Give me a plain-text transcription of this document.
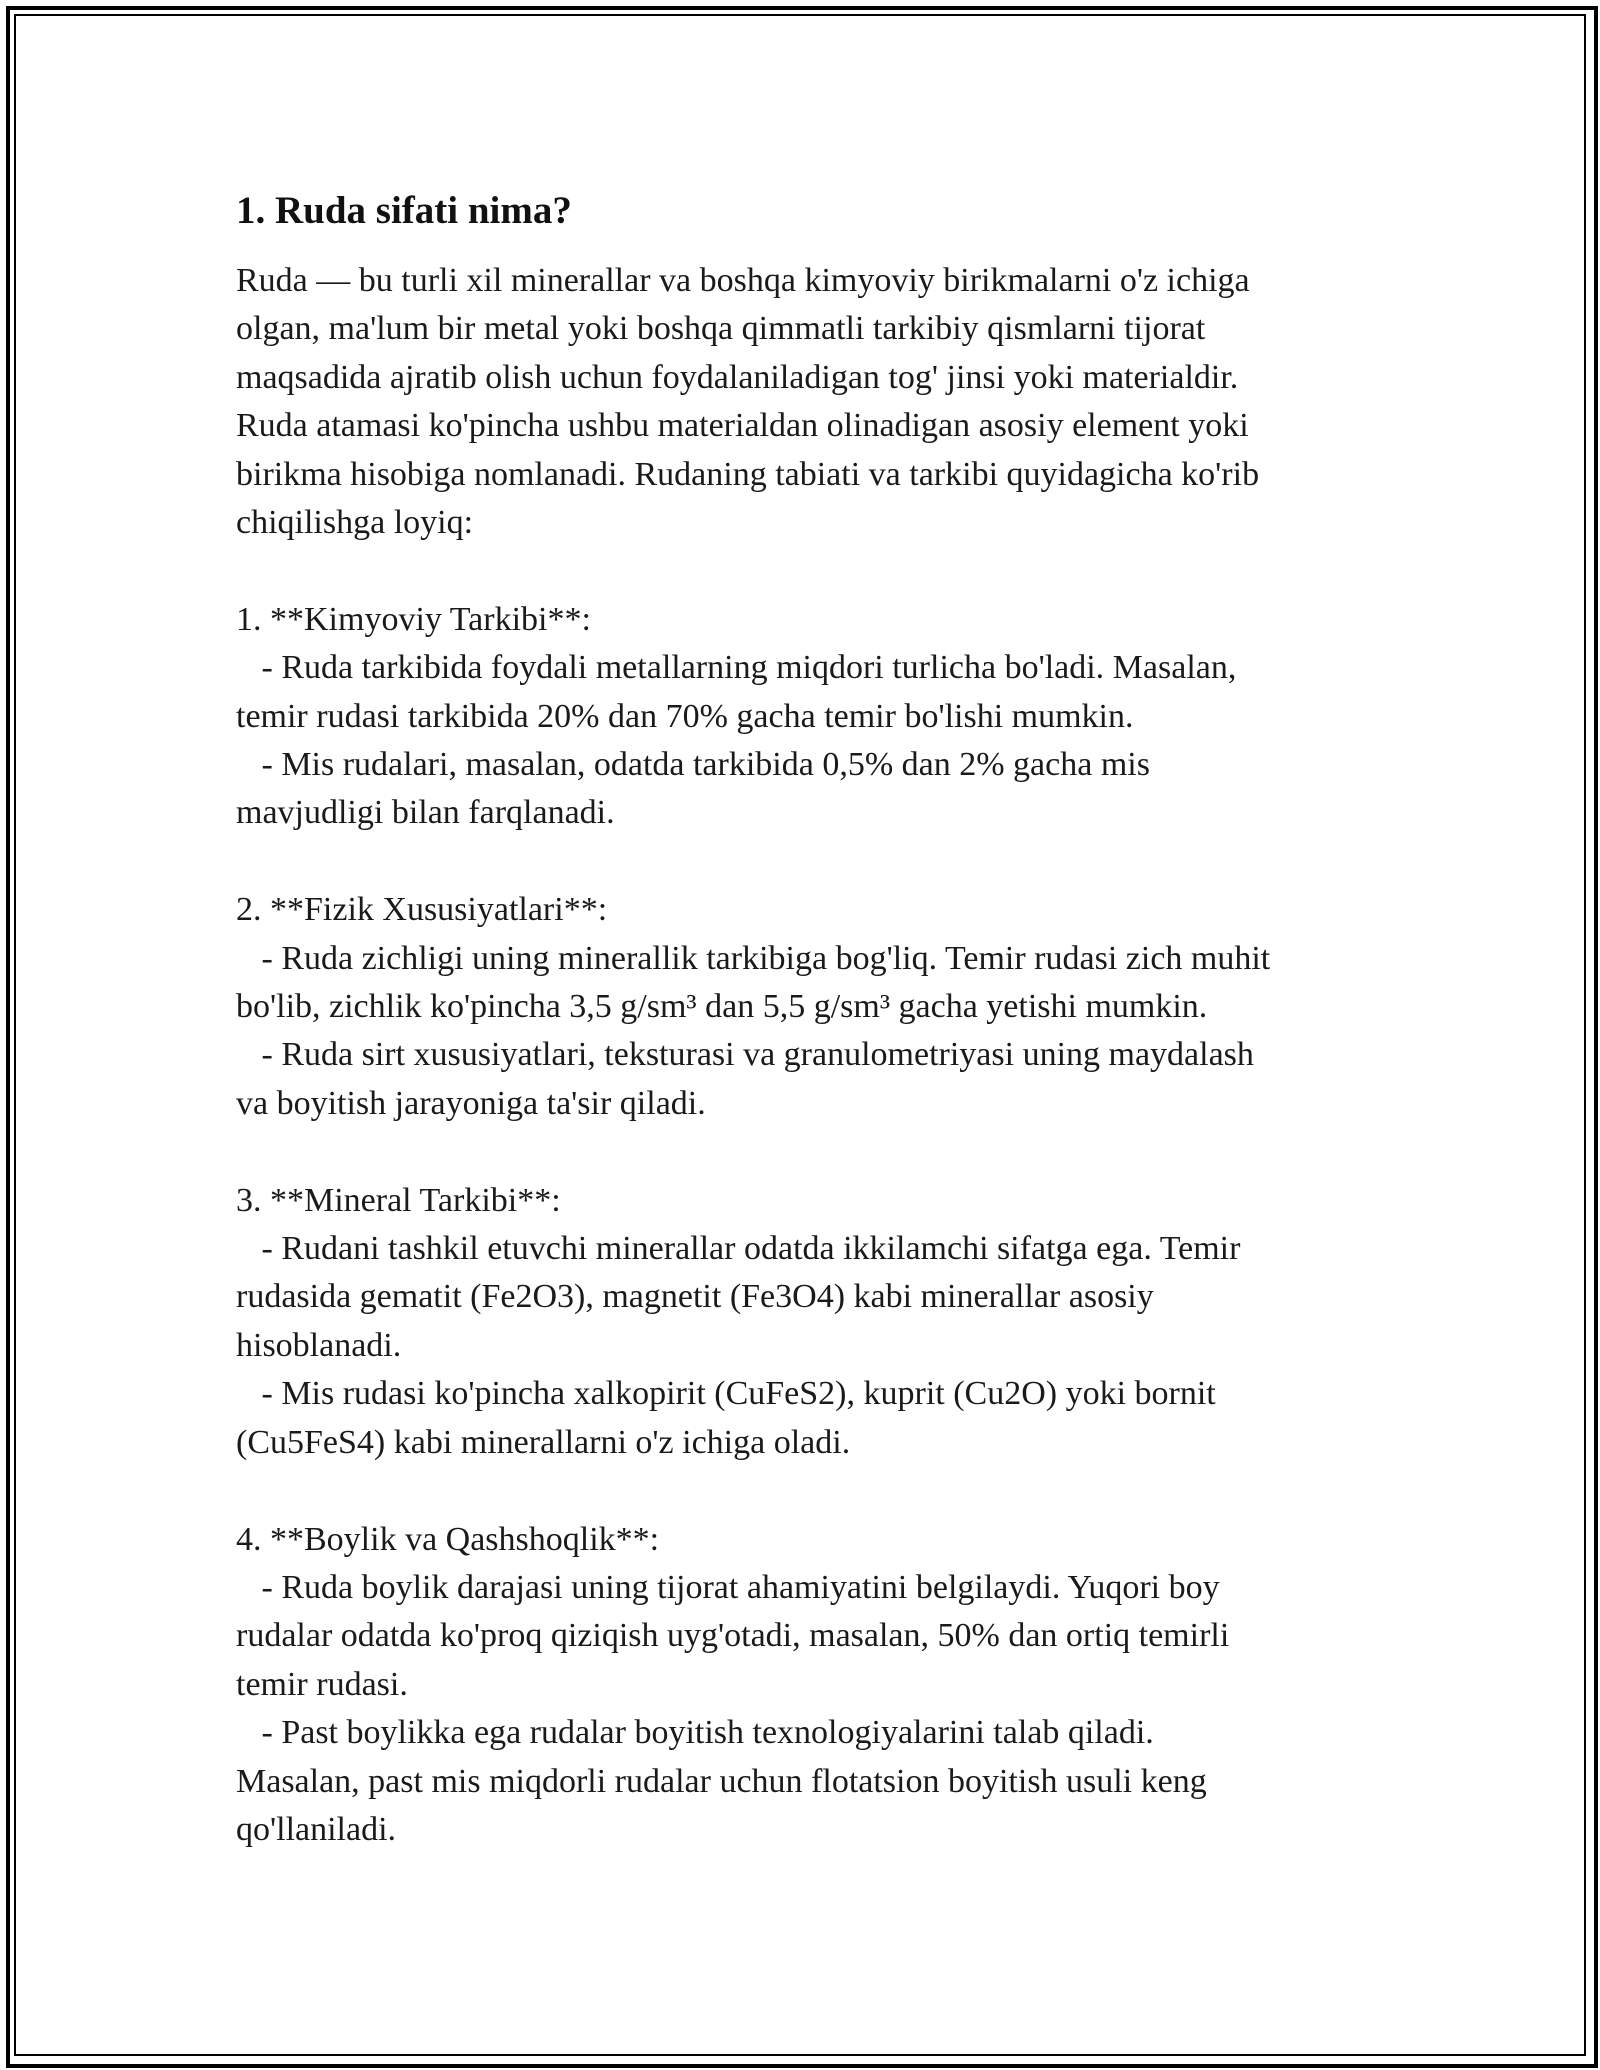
1. Ruda sifati nima?
Ruda — bu turli xil minerallar va boshqa kimyoviy birikmalarni o'z ichiga
olgan, ma'lum bir metal yoki boshqa qimmatli tarkibiy qismlarni tijorat
maqsadida ajratib olish uchun foydalaniladigan tog' jinsi yoki materialdir.
Ruda atamasi ko'pincha ushbu materialdan olinadigan asosiy element yoki
birikma hisobiga nomlanadi. Rudaning tabiati va tarkibi quyidagicha ko'rib
chiqilishga loyiq:
1. **Kimyoviy Tarkibi**:
- Ruda tarkibida foydali metallarning miqdori turlicha bo'ladi. Masalan,
temir rudasi tarkibida 20% dan 70% gacha temir bo'lishi mumkin.
- Mis rudalari, masalan, odatda tarkibida 0,5% dan 2% gacha mis
mavjudligi bilan farqlanadi.
2. **Fizik Xususiyatlari**:
- Ruda zichligi uning minerallik tarkibiga bog'liq. Temir rudasi zich muhit
bo'lib, zichlik ko'pincha 3,5 g/sm³ dan 5,5 g/sm³ gacha yetishi mumkin.
- Ruda sirt xususiyatlari, teksturasi va granulometriyasi uning maydalash
va boyitish jarayoniga ta'sir qiladi.
3. **Mineral Tarkibi**:
- Rudani tashkil etuvchi minerallar odatda ikkilamchi sifatga ega. Temir
rudasida gematit (Fe2O3), magnetit (Fe3O4) kabi minerallar asosiy
hisoblanadi.
- Mis rudasi ko'pincha xalkopirit (CuFeS2), kuprit (Cu2O) yoki bornit
(Cu5FeS4) kabi minerallarni o'z ichiga oladi.
4. **Boylik va Qashshoqlik**:
- Ruda boylik darajasi uning tijorat ahamiyatini belgilaydi. Yuqori boy
rudalar odatda ko'proq qiziqish uyg'otadi, masalan, 50% dan ortiq temirli
temir rudasi.
- Past boylikka ega rudalar boyitish texnologiyalarini talab qiladi.
Masalan, past mis miqdorli rudalar uchun flotatsion boyitish usuli keng
qo'llaniladi.
